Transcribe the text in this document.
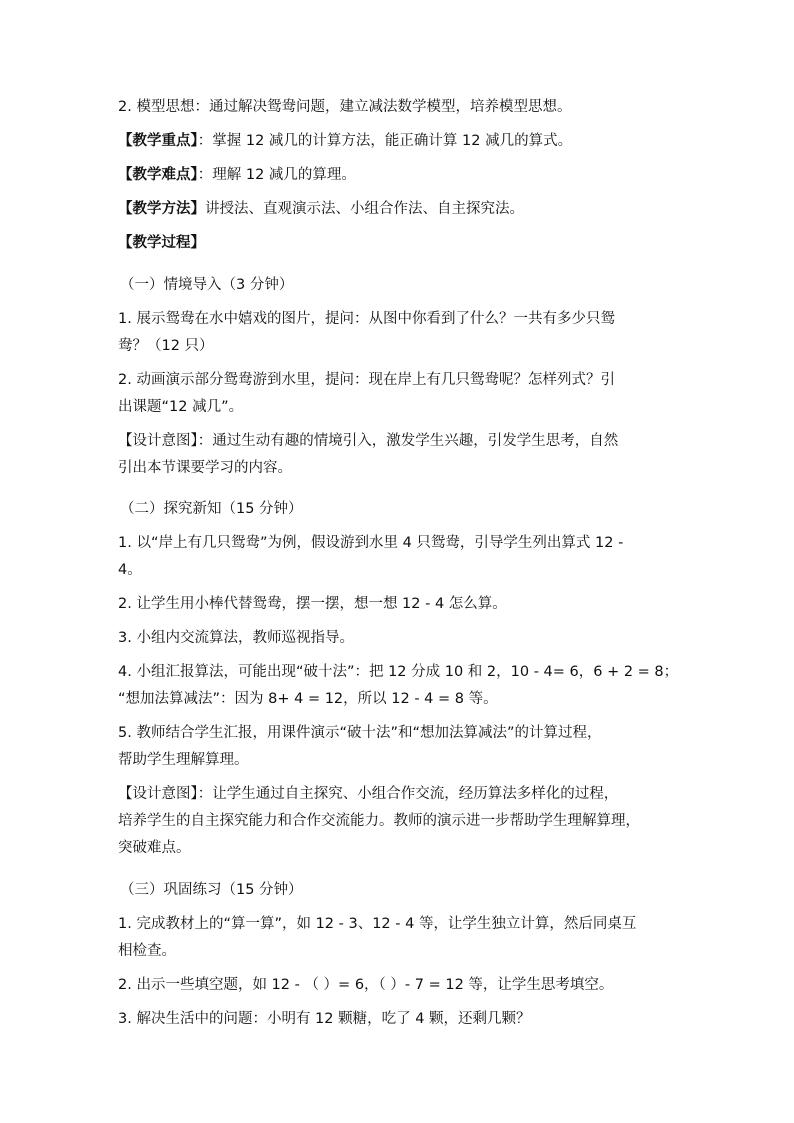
2. 模型思想：通过解决鸳鸯问题，建立减法数学模型，培养模型思想。

【教学重点】：掌握 12 减几的计算方法，能正确计算 12 减几的算式。

【教学难点】：理解 12 减几的算理。

【教学方法】讲授法、直观演示法、小组合作法、自主探究法。

【教学过程】

（一）情境导入（3 分钟）

1. 展示鸳鸯在水中嬉戏的图片，提问：从图中你看到了什么？一共有多少只鸳

鸯？（12 只）

2. 动画演示部分鸳鸯游到水里，提问：现在岸上有几只鸳鸯呢？怎样列式？引

出课题“12 减几”。

【设计意图】：通过生动有趣的情境引入，激发学生兴趣，引发学生思考，自然

引出本节课要学习的内容。

（二）探究新知（15 分钟）

1. 以“岸上有几只鸳鸯”为例，假设游到水里 4 只鸳鸯，引导学生列出算式 12 -

4。

2. 让学生用小棒代替鸳鸯，摆一摆，想一想 12 - 4 怎么算。

3. 小组内交流算法，教师巡视指导。

4. 小组汇报算法，可能出现“破十法”：把 12 分成 10 和 2，10 - 4= 6，6 + 2 = 8；

“想加法算减法”：因为 8+ 4 = 12，所以 12 - 4 = 8 等。

5. 教师结合学生汇报，用课件演示“破十法”和“想加法算减法”的计算过程，

帮助学生理解算理。

【设计意图】：让学生通过自主探究、小组合作交流，经历算法多样化的过程，

培养学生的自主探究能力和合作交流能力。教师的演示进一步帮助学生理解算理，

突破难点。

（三）巩固练习（15 分钟）

1. 完成教材上的“算一算”，如 12 - 3、12 - 4 等，让学生独立计算，然后同桌互

相检查。

2. 出示一些填空题，如 12 - （ ）= 6，（ ）- 7 = 12 等，让学生思考填空。

3. 解决生活中的问题：小明有 12 颗糖，吃了 4 颗，还剩几颗？
